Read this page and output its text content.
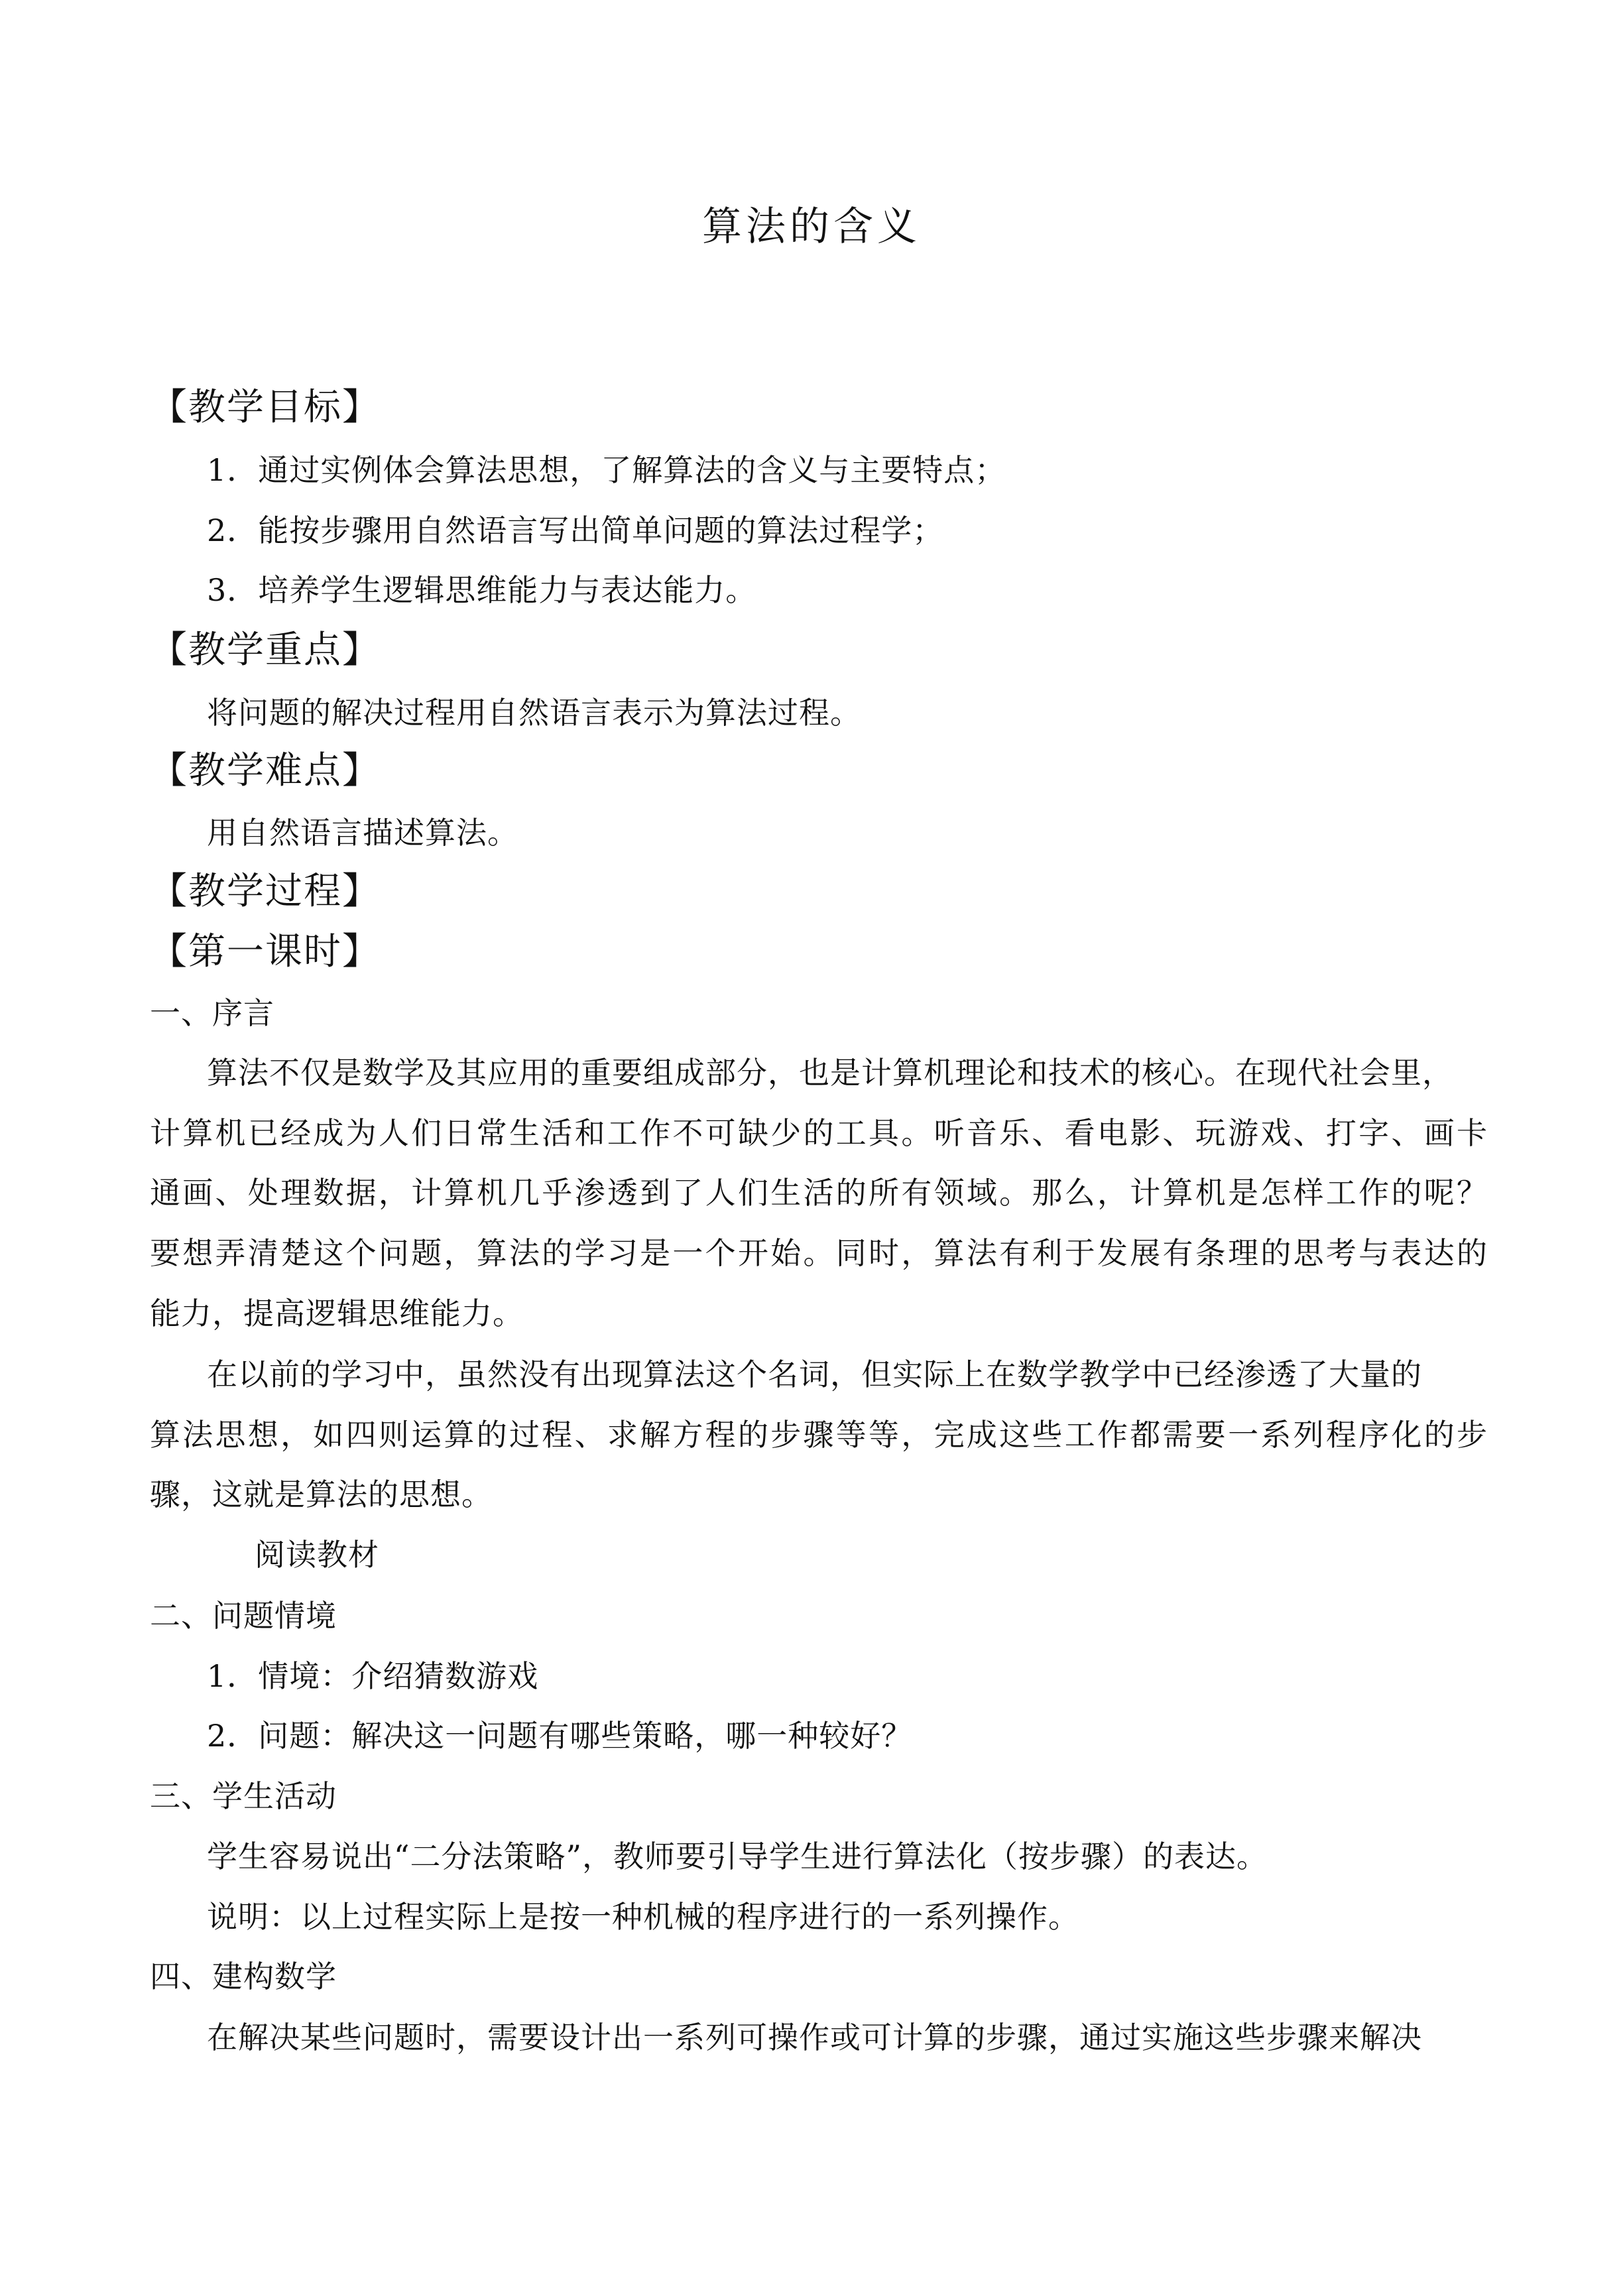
算法的含义
【教学目标】
1．通过实例体会算法思想，了解算法的含义与主要特点；
2．能按步骤用自然语言写出简单问题的算法过程学；
3．培养学生逻辑思维能力与表达能力。
【教学重点】
将问题的解决过程用自然语言表示为算法过程。
【教学难点】
用自然语言描述算法。
【教学过程】
【第一课时】
一、序言
算法不仅是数学及其应用的重要组成部分，也是计算机理论和技术的核心。在现代社会里，
计算机已经成为人们日常生活和工作不可缺少的工具。听音乐、看电影、玩游戏、打字、画卡
通画、处理数据，计算机几乎渗透到了人们生活的所有领域。那么，计算机是怎样工作的呢？
要想弄清楚这个问题，算法的学习是一个开始。同时，算法有利于发展有条理的思考与表达的
能力，提高逻辑思维能力。
在以前的学习中，虽然没有出现算法这个名词，但实际上在数学教学中已经渗透了大量的
算法思想，如四则运算的过程、求解方程的步骤等等，完成这些工作都需要一系列程序化的步
骤，这就是算法的思想。
阅读教材
二、问题情境
1．情境：介绍猜数游戏
2．问题：解决这一问题有哪些策略，哪一种较好？
三、学生活动
学生容易说出“二分法策略”，教师要引导学生进行算法化（按步骤）的表达。
说明：以上过程实际上是按一种机械的程序进行的一系列操作。
四、建构数学
在解决某些问题时，需要设计出一系列可操作或可计算的步骤，通过实施这些步骤来解决
